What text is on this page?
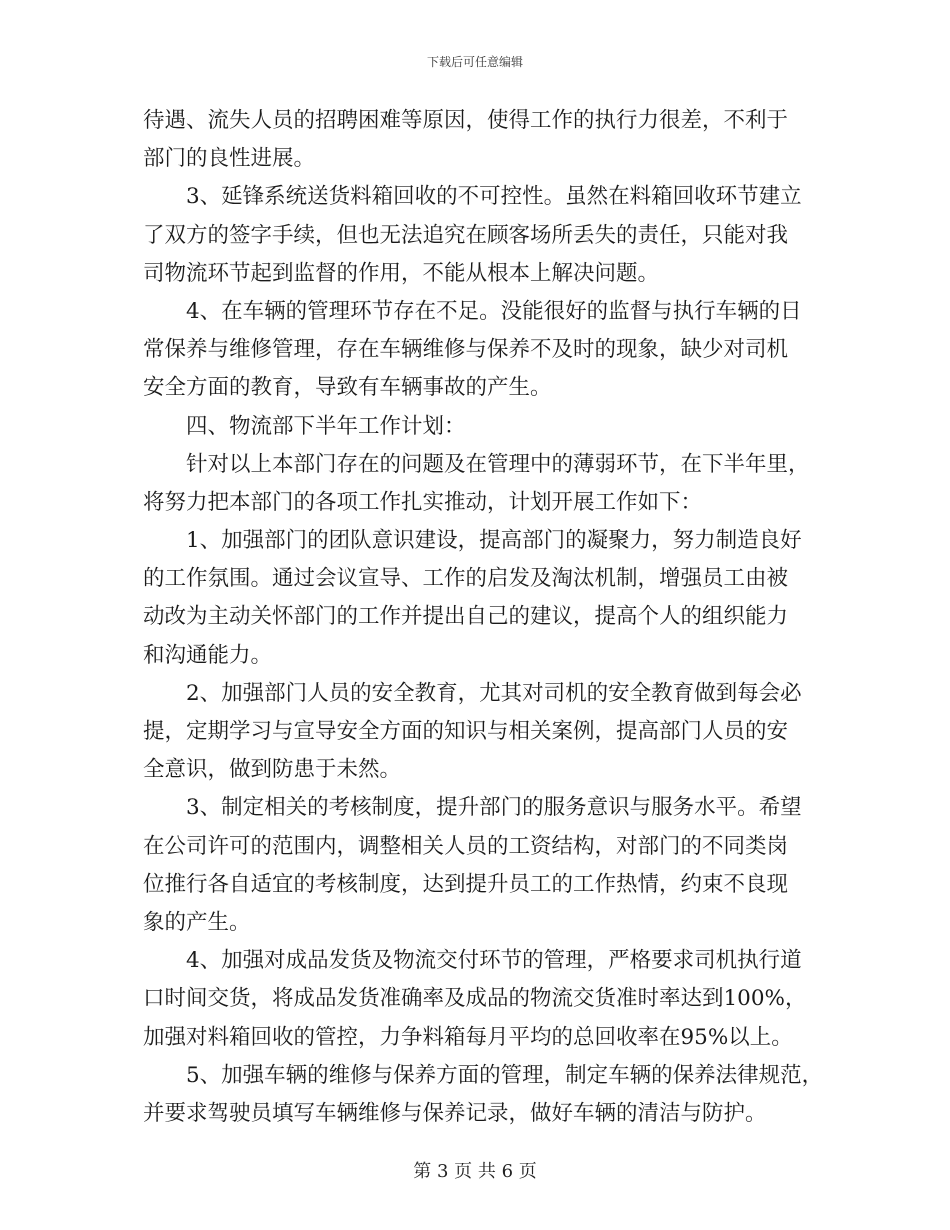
下载后可任意编辑
待遇、流失人员的招聘困难等原因，使得工作的执行力很差，不利于
部门的良性进展。
3、延锋系统送货料箱回收的不可控性。虽然在料箱回收环节建立
了双方的签字手续，但也无法追究在顾客场所丢失的责任，只能对我
司物流环节起到监督的作用，不能从根本上解决问题。
4、在车辆的管理环节存在不足。没能很好的监督与执行车辆的日
常保养与维修管理，存在车辆维修与保养不及时的现象，缺少对司机
安全方面的教育，导致有车辆事故的产生。
四、物流部下半年工作计划：
针对以上本部门存在的问题及在管理中的薄弱环节，在下半年里，
将努力把本部门的各项工作扎实推动，计划开展工作如下：
1、加强部门的团队意识建设，提高部门的凝聚力，努力制造良好
的工作氛围。通过会议宣导、工作的启发及淘汰机制，增强员工由被
动改为主动关怀部门的工作并提出自己的建议，提高个人的组织能力
和沟通能力。
2、加强部门人员的安全教育，尤其对司机的安全教育做到每会必
提，定期学习与宣导安全方面的知识与相关案例，提高部门人员的安
全意识，做到防患于未然。
3、制定相关的考核制度，提升部门的服务意识与服务水平。希望
在公司许可的范围内，调整相关人员的工资结构，对部门的不同类岗
位推行各自适宜的考核制度，达到提升员工的工作热情，约束不良现
象的产生。
4、加强对成品发货及物流交付环节的管理，严格要求司机执行道
口时间交货，将成品发货准确率及成品的物流交货准时率达到100%，
加强对料箱回收的管控，力争料箱每月平均的总回收率在95%以上。
5、加强车辆的维修与保养方面的管理，制定车辆的保养法律规范，
并要求驾驶员填写车辆维修与保养记录，做好车辆的清洁与防护。
第 3 页 共 6 页
